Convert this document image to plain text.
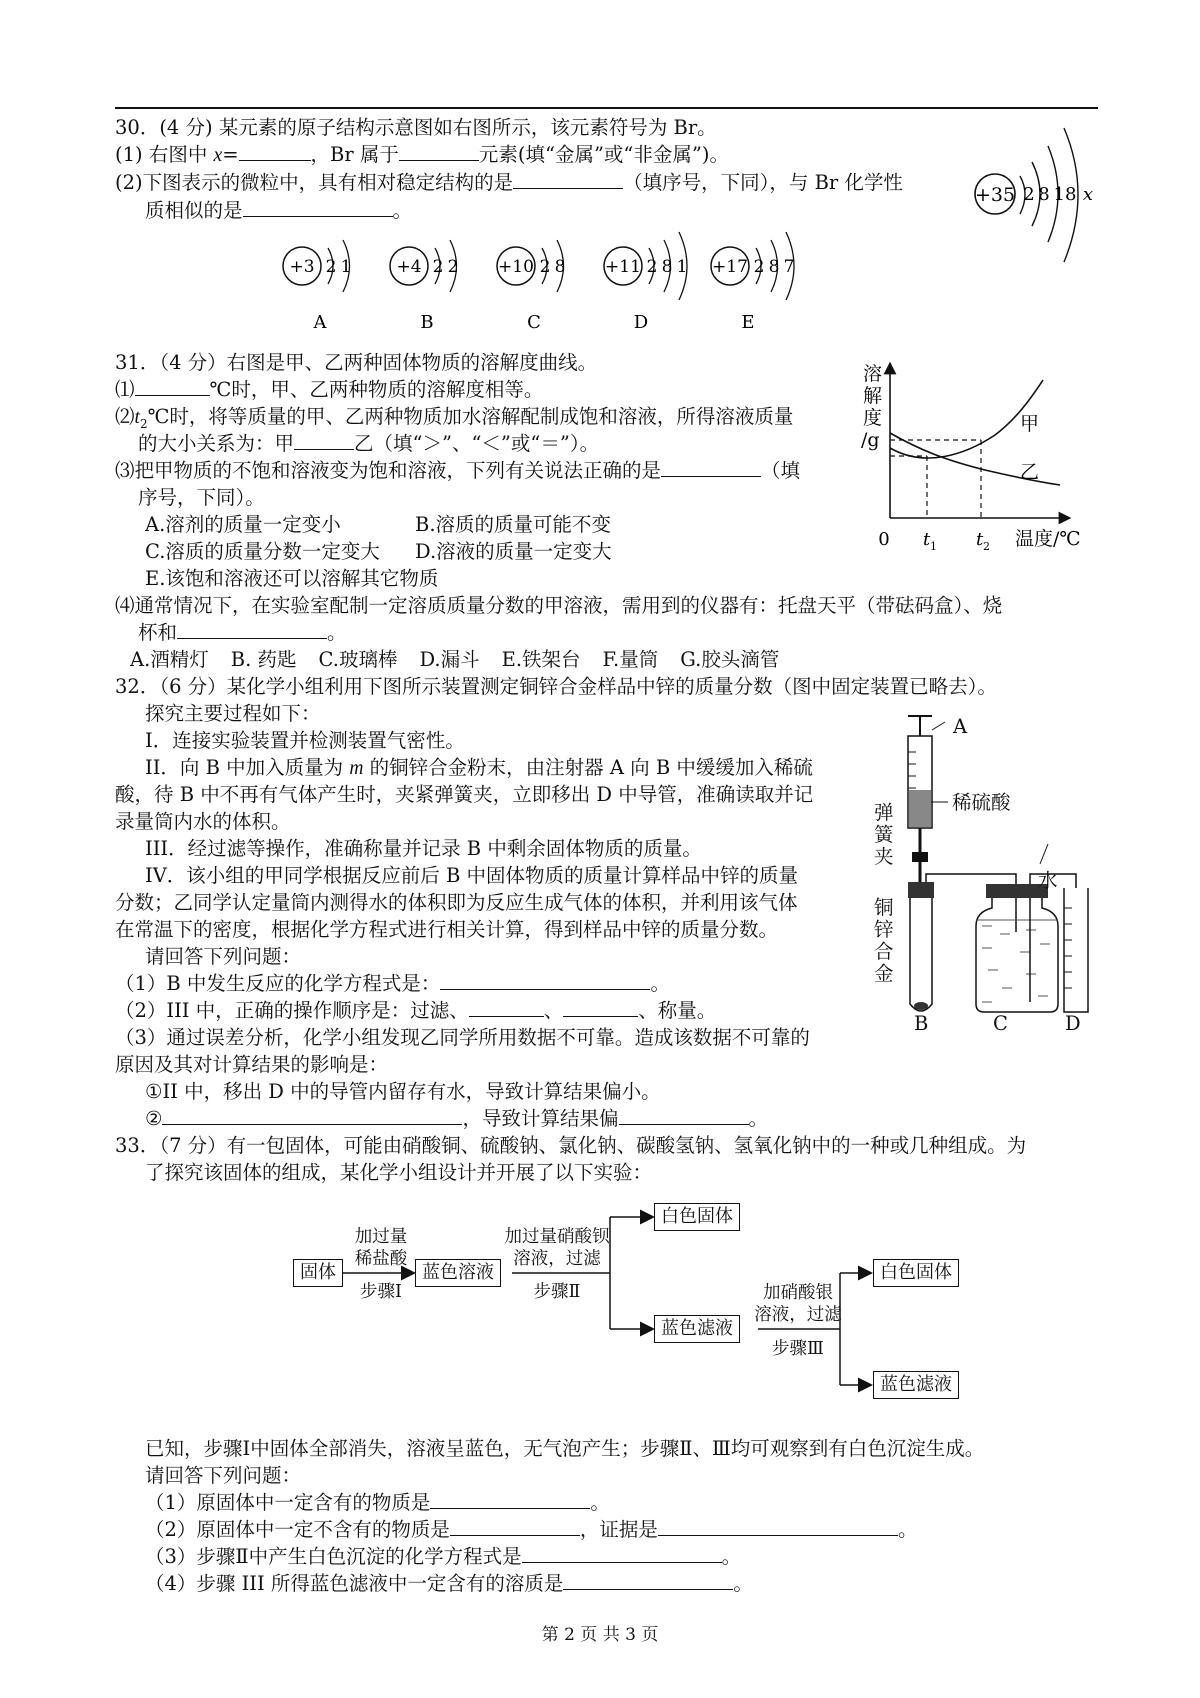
30．(4 分) 某元素的原子结构示意图如右图所示，该元素符号为 Br。
(1) 右图中 x=	，Br 属于	元素(填“金属”或“非金属”)。
(2)下图表示的微粒中，具有相对稳定结构的是	（填序号，下同），与 Br 化学性
质相似的是	。
+35 2 8 18 x
+3 2 1
A
+4 2 2
B
+10 2 8
C
+11 2 8 1
D
+17 2 8 7
E
31．（4 分）右图是甲、乙两种固体物质的溶解度曲线。
⑴	℃时，甲、乙两种物质的溶解度相等。
$⑵t_2℃$时，将等质量的甲、乙两种物质加水溶解配制成饱和溶液，所得溶液质量
的大小关系为：甲	乙（填“＞”、“＜”或“＝”）。
⑶把甲物质的不饱和溶液变为饱和溶液，下列有关说法正确的是	（填
序号，下同）。
A.溶剂的质量一定变小	B.溶质的质量可能不变
C.溶质的质量分数一定变大 D.溶液的质量一定变大
E.该饱和溶液还可以溶解其它物质
⑷通常情况下，在实验室配制一定溶质质量分数的甲溶液，需用到的仪器有：托盘天平（带砝码盒）、烧
杯和	。
A.酒精灯 B. 药匙 C.玻璃棒 D.漏斗 E.铁架台 F.量筒 G.胶头滴管
溶
解
度
/g
甲
乙
0 t 1 t 2 温度/℃
32．（6 分）某化学小组利用下图所示装置测定铜锌合金样品中锌的质量分数（图中固定装置已略去）。
探究主要过程如下：
I．连接实验装置并检测装置气密性。
II．向 B 中加入质量为 m 的铜锌合金粉末，由注射器 A 向 B 中缓缓加入稀硫
酸，待 B 中不再有气体产生时，夹紧弹簧夹，立即移出 D 中导管，准确读取并记
录量筒内水的体积。
III．经过滤等操作，准确称量并记录 B 中剩余固体物质的质量。
IV．该小组的甲同学根据反应前后 B 中固体物质的质量计算样品中锌的质量
分数；乙同学认定量筒内测得水的体积即为反应生成气体的体积，并利用该气体
在常温下的密度，根据化学方程式进行相关计算，得到样品中锌的质量分数。
请回答下列问题：
（1）B 中发生反应的化学方程式是：	。
（2）III 中，正确的操作顺序是：过滤、	、	、称量。
（3）通过误差分析，化学小组发现乙同学所用数据不可靠。造成该数据不可靠的
原因及其对计算结果的影响是：
①II 中，移出 D 中的导管内留存有水，导致计算结果偏小。
②	，导致计算结果偏	。
A
稀硫酸
弹
簧
夹
铜
锌
合
金
水
B	C	D
33．（7 分）有一包固体，可能由硝酸铜、硫酸钠、氯化钠、碳酸氢钠、氢氧化钠中的一种或几种组成。为
了探究该固体的组成，某化学小组设计并开展了以下实验：
固体	蓝色溶液
白色固体
蓝色滤液
白色固体
蓝色滤液
加过量
稀盐酸
步骤Ⅰ
加过量硝酸钡
溶液，过滤
步骤Ⅱ	加硝酸银
溶液，过滤
步骤Ⅲ
已知，步骤Ⅰ中固体全部消失，溶液呈蓝色，无气泡产生；步骤Ⅱ、Ⅲ均可观察到有白色沉淀生成。
请回答下列问题：
（1）原固体中一定含有的物质是	。
（2）原固体中一定不含有的物质是	，证据是	。
（3）步骤Ⅱ中产生白色沉淀的化学方程式是	。
（4）步骤 III 所得蓝色滤液中一定含有的溶质是	。
第 2 页 共 3 页
